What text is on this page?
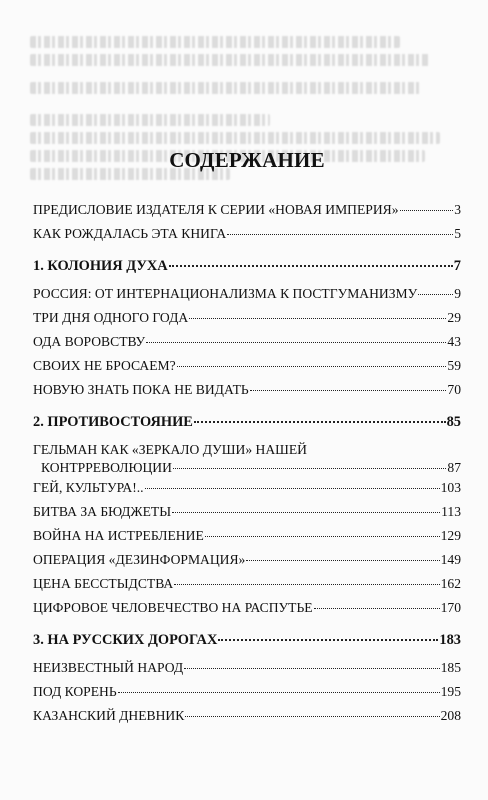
СОДЕРЖАНИЕ
ПРЕДИСЛОВИЕ ИЗДАТЕЛЯ К СЕРИИ «НОВАЯ ИМПЕРИЯ»	3
КАК РОЖДАЛАСЬ ЭТА КНИГА	5
1. КОЛОНИЯ ДУХА	7
РОССИЯ: ОТ ИНТЕРНАЦИОНАЛИЗМА К ПОСТГУМАНИЗМУ	9
ТРИ ДНЯ ОДНОГО ГОДА	29
ОДА ВОРОВСТВУ	43
СВОИХ НЕ БРОСАЕМ?	59
НОВУЮ ЗНАТЬ ПОКА НЕ ВИДАТЬ	70
2. ПРОТИВОСТОЯНИЕ	85
ГЕЛЬМАН КАК «ЗЕРКАЛО ДУШИ» НАШЕЙ
КОНТРРЕВОЛЮЦИИ	87
ГЕЙ, КУЛЬТУРА!..	103
БИТВА ЗА БЮДЖЕТЫ	113
ВОЙНА НА ИСТРЕБЛЕНИЕ	129
ОПЕРАЦИЯ «ДЕЗИНФОРМАЦИЯ»	149
ЦЕНА БЕССТЫДСТВА	162
ЦИФРОВОЕ ЧЕЛОВЕЧЕСТВО НА РАСПУТЬЕ	170
3. НА РУССКИХ ДОРОГАХ	183
НЕИЗВЕСТНЫЙ НАРОД	185
ПОД КОРЕНЬ	195
КАЗАНСКИЙ ДНЕВНИК	208
